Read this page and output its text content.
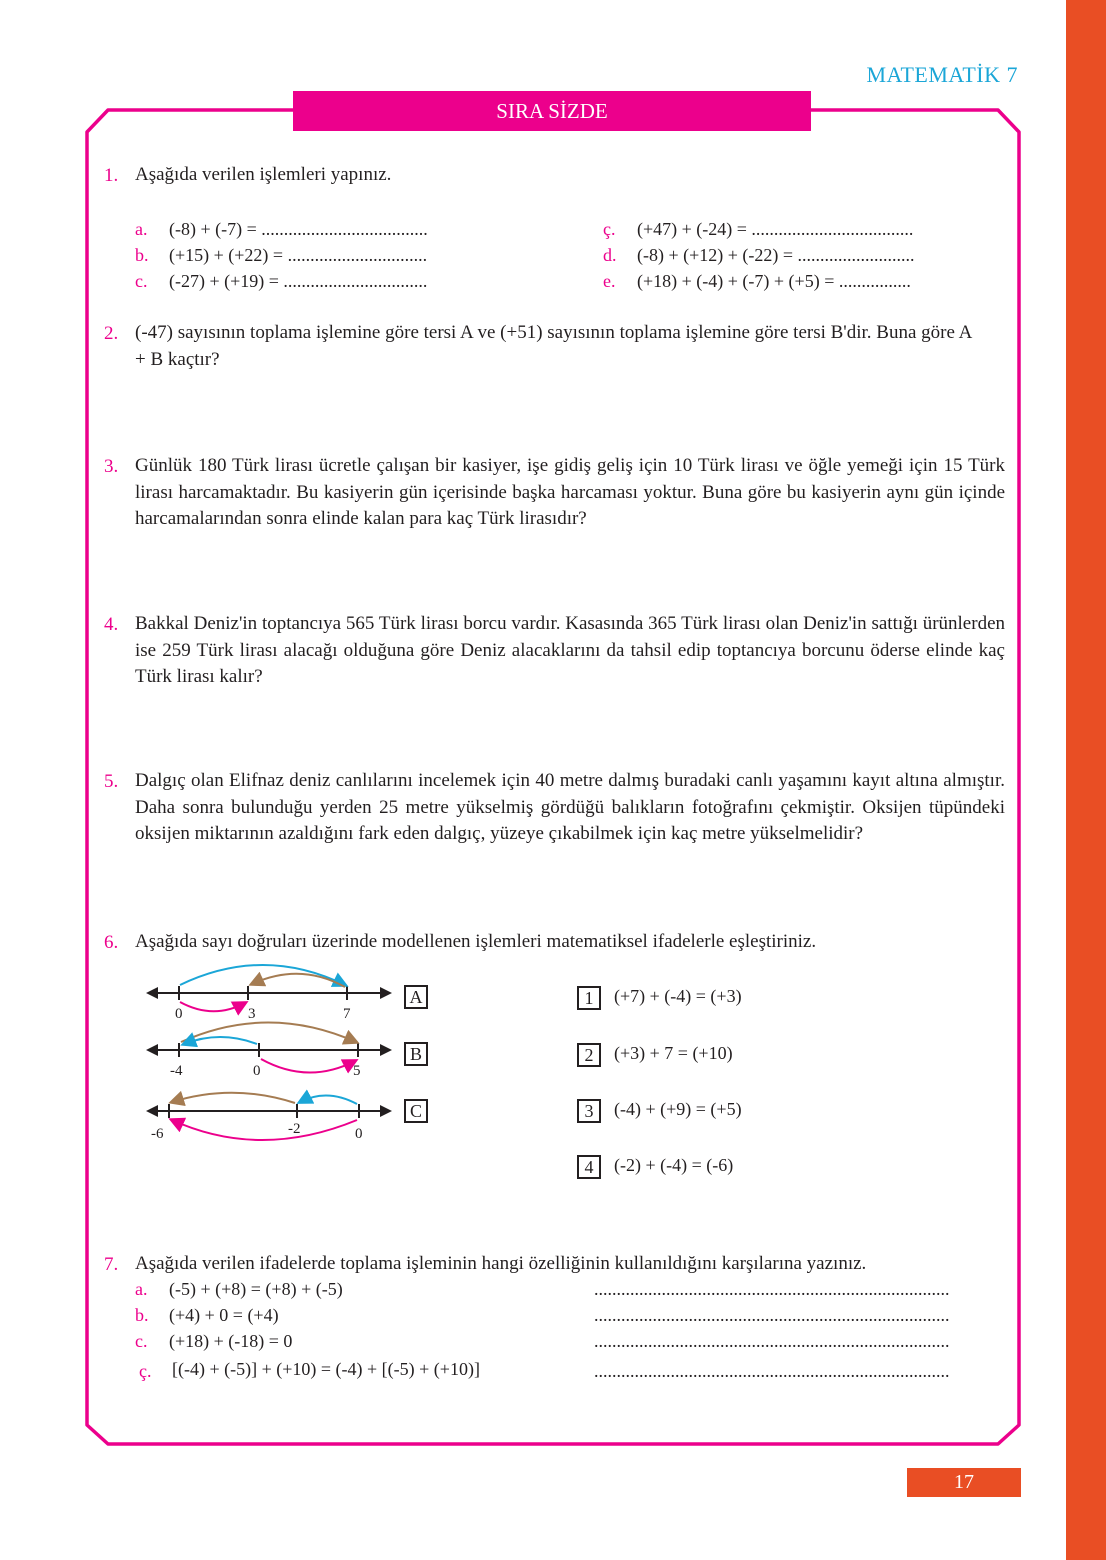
MATEMATİK 7
SIRA SİZDE
1. Aşağıda verilen işlemleri yapınız.
a. (-8) + (-7) = .....................................
b. (+15) + (+22) = ...............................
c. (-27) + (+19) = ................................
ç. (+47) + (-24) = ....................................
d. (-8) + (+12) + (-22) = ..........................
e. (+18) + (-4) + (-7) + (+5) = ................
2. (-47) sayısının toplama işlemine göre tersi A ve (+51) sayısının toplama işlemine göre tersi B'dir. Buna göre A + B kaçtır?
3. Günlük 180 Türk lirası ücretle çalışan bir kasiyer, işe gidiş geliş için 10 Türk lirası ve öğle yemeği için 15 Türk lirası harcamaktadır. Bu kasiyerin gün içerisinde başka harcaması yoktur. Buna göre bu kasiyerin aynı gün içinde harcamalarından sonra elinde kalan para kaç Türk lirasıdır?
4. Bakkal Deniz'in toptancıya 565 Türk lirası borcu vardır. Kasasında 365 Türk lirası olan Deniz'in sattığı ürünlerden ise 259 Türk lirası alacağı olduğuna göre Deniz alacaklarını da tahsil edip toptancıya borcunu öderse elinde kaç Türk lirası kalır?
5. Dalgıç olan Elifnaz deniz canlılarını incelemek için 40 metre dalmış buradaki canlı yaşamını kayıt altına almıştır. Daha sonra bulunduğu yerden 25 metre yükselmiş gördüğü balıkların fotoğrafını çekmiştir. Oksijen tüpündeki oksijen miktarının azaldığını fark eden dalgıç, yüzeye çıkabilmek için kaç metre yükselmelidir?
6. Aşağıda sayı doğruları üzerinde modellenen işlemleri matematiksel ifadelerle eşleştiriniz.
0	3	7
-4	0	5
-6	-2	0
A
B
C
1	(+7) + (-4) = (+3)
2	(+3) + 7 = (+10)
3	(-4) + (+9) = (+5)
4	(-2) + (-4) = (-6)
7. Aşağıda verilen ifadelerde toplama işleminin hangi özelliğinin kullanıldığını karşılarına yazınız.
a. (-5) + (+8) = (+8) + (-5)	...............................................................................
b. (+4) + 0 = (+4)	...............................................................................
c. (+18) + (-18) = 0	...............................................................................
ç. [(-4) + (-5)] + (+10) = (-4) + [(-5) + (+10)]	...............................................................................
17
